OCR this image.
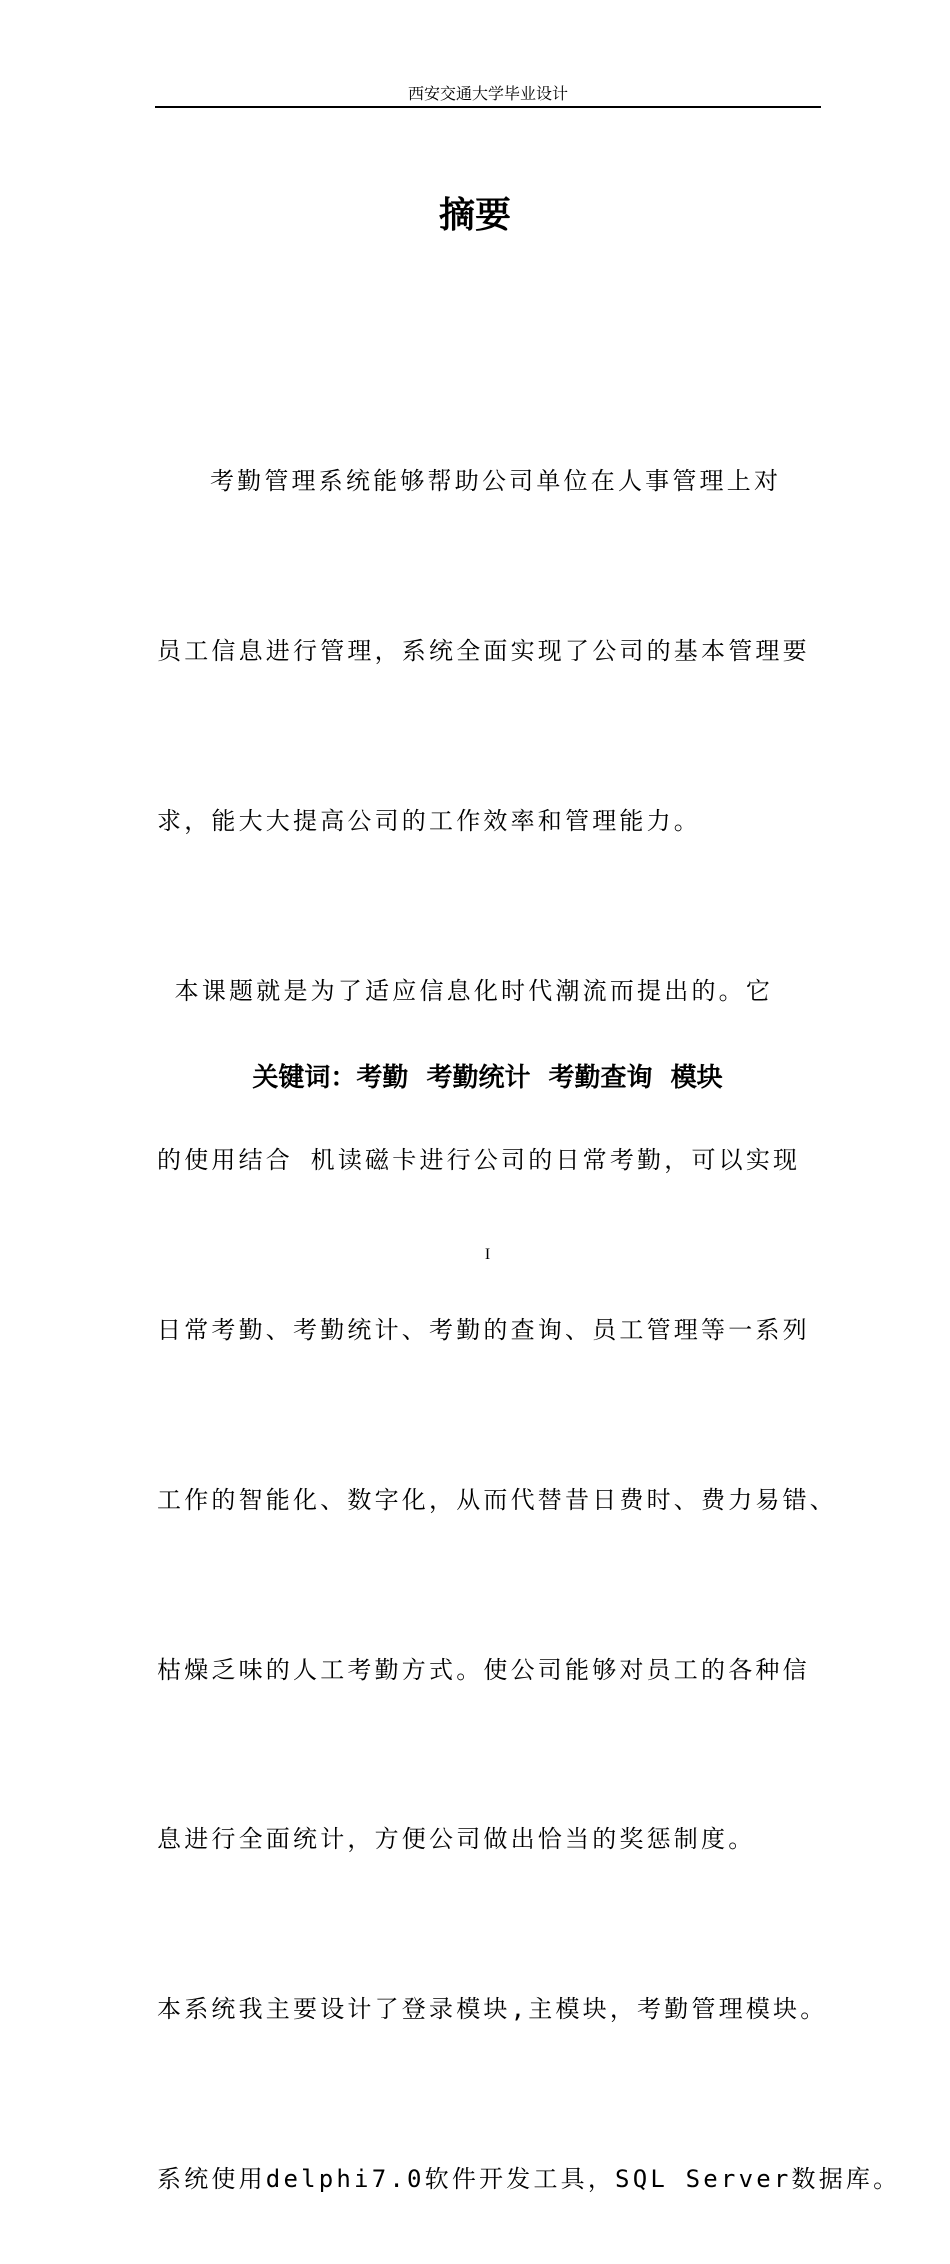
西安交通大学毕业设计
摘要

考勤管理系统能够帮助公司单位在人事管理上对

员工信息进行管理，系统全面实现了公司的基本管理要

求，能大大提高公司的工作效率和管理能力。

本课题就是为了适应信息化时代潮流而提出的。它

的使用结合 机读磁卡进行公司的日常考勤，可以实现

日常考勤、考勤统计、考勤的查询、员工管理等一系列

工作的智能化、数字化，从而代替昔日费时、费力易错、

枯燥乏味的人工考勤方式。使公司能够对员工的各种信

息进行全面统计，方便公司做出恰当的奖惩制度。

本系统我主要设计了登录模块,主模块，考勤管理模块。

系统使用delphi7.0软件开发工具，SQL Server数据库。

关键词：考勤  考勤统计  考勤查询  模块
I
